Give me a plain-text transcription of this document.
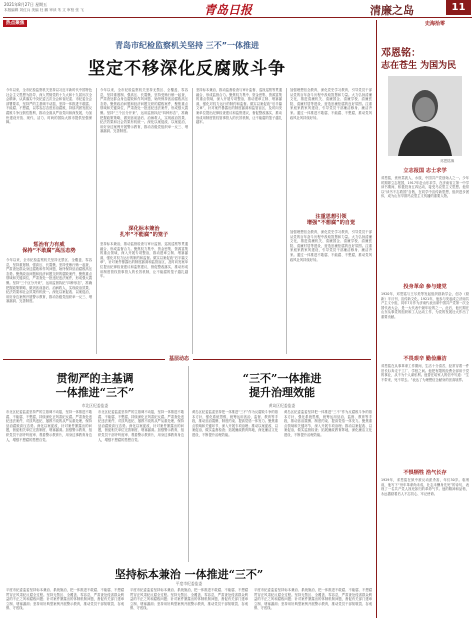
2021年8月27日 星期五
本版编辑 刘红兵 美编 杜 鹏 审读 朱 文 审校 张 飞	青岛日报	清廉之岛	11
热点聚焦
青岛市纪检监察机关坚持 三不”一体推进
坚定不移深化反腐败斗争
今年以来，全市纪检监察机关坚持以习近平新时代中国特色社会主义思想为指导，深入贯彻党的十九大和十九届历次全会精神，认真落实中央纪委五次全会和省纪委、市纪委全会部署要求，坚持严的主基调不动摇，坚持一体推进不敢腐、不能腐、不想腐，以零容忍态度惩治腐败，持续巩固发展反腐败斗争压倒性胜利，推动全面从严治党向纵深发展，为加快建设开放、现代、活力、时尚的国际大都市提供坚强保障。
惩治有力有威
保持“不敢腐”高压态势
今年以来，全市纪检监察机关坚持无禁区、全覆盖、零容忍，坚持重遏制、强高压、长震慑，坚持受贿行贿一起查，严肃查处群众身边腐败和作风问题，始终保持惩治腐败高压态势。聚焦政治问题和经济问题交织的腐败案件，聚焦重点领域和关键岗位，严肃查处一批违纪违法案件，形成强大震慑。坚持“三个区分开来”，运用监督执纪“四种形态”，准确把握政策策略，做到惩前毖后、治病救人，实现政治效果、纪法效果和社会效果有机统一。深化以案促改、以案促治，用好身边案例开展警示教育，推动各级党组织举一反三、堵塞漏洞、完善制度。
今年以来，全市纪检监察机关坚持无禁区、全覆盖、零容忍，坚持重遏制、强高压、长震慑，坚持受贿行贿一起查，严肃查处群众身边腐败和作风问题，始终保持惩治腐败高压态势。聚焦政治问题和经济问题交织的腐败案件，聚焦重点领域和关键岗位，严肃查处一批违纪违法案件，形成强大震慑。坚持“三个区分开来”，运用监督执纪“四种形态”，准确把握政策策略，做到惩前毖后、治病救人，实现政治效果、纪法效果和社会效果有机统一。深化以案促改、以案促治，用好身边案例开展警示教育，推动各级党组织举一反三、堵塞漏洞、完善制度。
深化标本兼治
扎牢“不能腐”的笼子
坚持标本兼治，推动监督检查与审计监督、巡视巡察等贯通融合，形成监督合力。聚焦权力集中、资金密集、资源富集的重点领域，深入开展专项整治，推动建章立制、堵塞漏洞，强化对权力运行的制约和监督。做实以案促改“后半篇文章”，针对案件暴露出的制度漏洞和监管盲区，及时向发案单位提出纪律检查建议和监察建议，督促整改落实，推动形成用制度管权管事管人的长效机制，让不能腐的笼子越扎越牢。
坚持标本兼治，推动监督检查与审计监督、巡视巡察等贯通融合，形成监督合力。聚焦权力集中、资金密集、资源富集的重点领域，深入开展专项整治，推动建章立制、堵塞漏洞，强化对权力运行的制约和监督。做实以案促改“后半篇文章”，针对案件暴露出的制度漏洞和监管盲区，及时向发案单位提出纪律检查建议和监察建议，督促整改落实，推动形成用制度管权管事管人的长效机制，让不能腐的笼子越扎越牢。
加强理想信念教育，深化党史学习教育，引导党员干部从党的百年奋斗历程中汲取智慧和力量。大力弘扬清廉文化，推进清廉机关、清廉国企、清廉学校、清廉医院、清廉村居等建设，营造崇廉拒腐的良好氛围。注重家庭家教家风建设，引导党员干部廉洁修身、廉洁齐家。通过一体推进不敢腐、不能腐、不想腐，推动党风政风社风持续好转。
注重思想引领
增强“不想腐”的自觉
加强理想信念教育，深化党史学习教育，引导党员干部从党的百年奋斗历程中汲取智慧和力量。大力弘扬清廉文化，推进清廉机关、清廉国企、清廉学校、清廉医院、清廉村居等建设，营造崇廉拒腐的良好氛围。注重家庭家教家风建设，引导党员干部廉洁修身、廉洁齐家。通过一体推进不敢腐、不能腐、不想腐，推动党风政风社风持续好转。
基层动态
贯彻严的主基调
一体推进“三不”
市北区纪委监委
市北区纪委监委坚持严的主基调不动摇，坚持一体推进不敢腐、不能腐、不想腐，持续深化正风肃纪反腐。严肃查处违纪违法案件，对顶风违纪、屡教不改的从严从重处理，保持惩治腐败高压态势。深化以案促改，针对案件暴露出的问题，督促相关单位完善制度、堵塞漏洞。加强警示教育，组织党员干部旁听庭审、观看警示教育片，用身边事教育身边人，增强不想腐的思想自觉。
市北区纪委监委坚持严的主基调不动摇，坚持一体推进不敢腐、不能腐、不想腐，持续深化正风肃纪反腐。严肃查处违纪违法案件，对顶风违纪、屡教不改的从严从重处理，保持惩治腐败高压态势。深化以案促改，针对案件暴露出的问题，督促相关单位完善制度、堵塞漏洞。加强警示教育，组织党员干部旁听庭审、观看警示教育片，用身边事教育身边人，增强不想腐的思想自觉。
“三不”一体推进
提升治理效能
黄岛区纪委监委
黄岛区纪委监委坚持把一体推进“三不”作为反腐败斗争的基本方针，强化系统思维，统筹运用惩治、监督、教育等手段，推动惩治震慑、制度约束、提高觉悟一体发力。聚焦重点领域和关键环节，深入开展专项治理；推动以案促改、以案促治，做实监督检查；拓展廉政教育阵地，深化廉洁文化建设，不断提升治理效能。
黄岛区纪委监委坚持把一体推进“三不”作为反腐败斗争的基本方针，强化系统思维，统筹运用惩治、监督、教育等手段，推动惩治震慑、制度约束、提高觉悟一体发力。聚焦重点领域和关键环节，深入开展专项治理；推动以案促改、以案促治，做实监督检查；拓展廉政教育阵地，深化廉洁文化建设，不断提升治理效能。
坚持标本兼治 一体推进“三不”
平度市纪委监委
平度市纪委监委坚持标本兼治、系统施治，把一体推进不敢腐、不能腐、不想腐贯穿正风肃纪反腐全过程。坚持无禁区、全覆盖、零容忍，严肃查处侵害群众利益的不正之风和腐败问题；针对案件暴露出的体制机制问题，督促有关部门建章立制、堵塞漏洞；坚持用好典型案例开展警示教育，推动党员干部知敬畏、存戒惧、守底线。
平度市纪委监委坚持标本兼治、系统施治，把一体推进不敢腐、不能腐、不想腐贯穿正风肃纪反腐全过程。坚持无禁区、全覆盖、零容忍，严肃查处侵害群众利益的不正之风和腐败问题；针对案件暴露出的体制机制问题，督促有关部门建章立制、堵塞漏洞；坚持用好典型案例开展警示教育，推动党员干部知敬畏、存戒惧、守底线。
平度市纪委监委坚持标本兼治、系统施治，把一体推进不敢腐、不能腐、不想腐贯穿正风肃纪反腐全过程。坚持无禁区、全覆盖、零容忍，严肃查处侵害群众利益的不正之风和腐败问题；针对案件暴露出的体制机制问题，督促有关部门建章立制、堵塞漏洞；坚持用好典型案例开展警示教育，推动党员干部知敬畏、存戒惧、守底线。
史海拾零
邓恩铭：
志在苍生 为国为民
邓恩铭像
立志报国 志士求学
邓恩铭，贵州荔波人，水族，中国共产党创始人之一。少年时期即立志报国，1917年赴山东求学，在济南省立第一中学读书期间，积极投身五四运动，接受马克思主义思想。他常以“读书不忘救国”自勉，在同学中宣传新思想，组织进步团体，成为山东早期马克思主义传播的重要人物。
投身革命 参与建党
1920年，邓恩铭与王尽美等发起组织励新学会，创办《励新》半月刊，宣传新文化。1921年，他参与发起成立济南共产主义小组，同年7月作为济南代表出席中国共产党第一次全国代表大会，是一大代表中最年轻的之一。此后，他长期在山东从事党的组织和工人运动工作，为党的发展壮大作出了重要贡献。
不畏艰辛 勤俭廉洁
邓恩铭在从事革命工作期间，生活十分清苦，经常穿着一件旧长衫奔走于工厂、学校之间。他把有限的经费全部用于党的事业，从不为个人谋私利。他曾在给家人的信中写道：“生不带来，死不带去。”表达了为理想信念献身的崇高境界。
不惧牺牲 浩气长存
1929年，邓恩铭在狱中被反动派杀害，年仅30岁。临刑前，他写下“卅年革命尚未成，壮志未酬身先死”的诗句，表现了一名共产党人视死如归的革命气节。他的精神和品格，永远激励着后人不忘初心、牢记使命。
